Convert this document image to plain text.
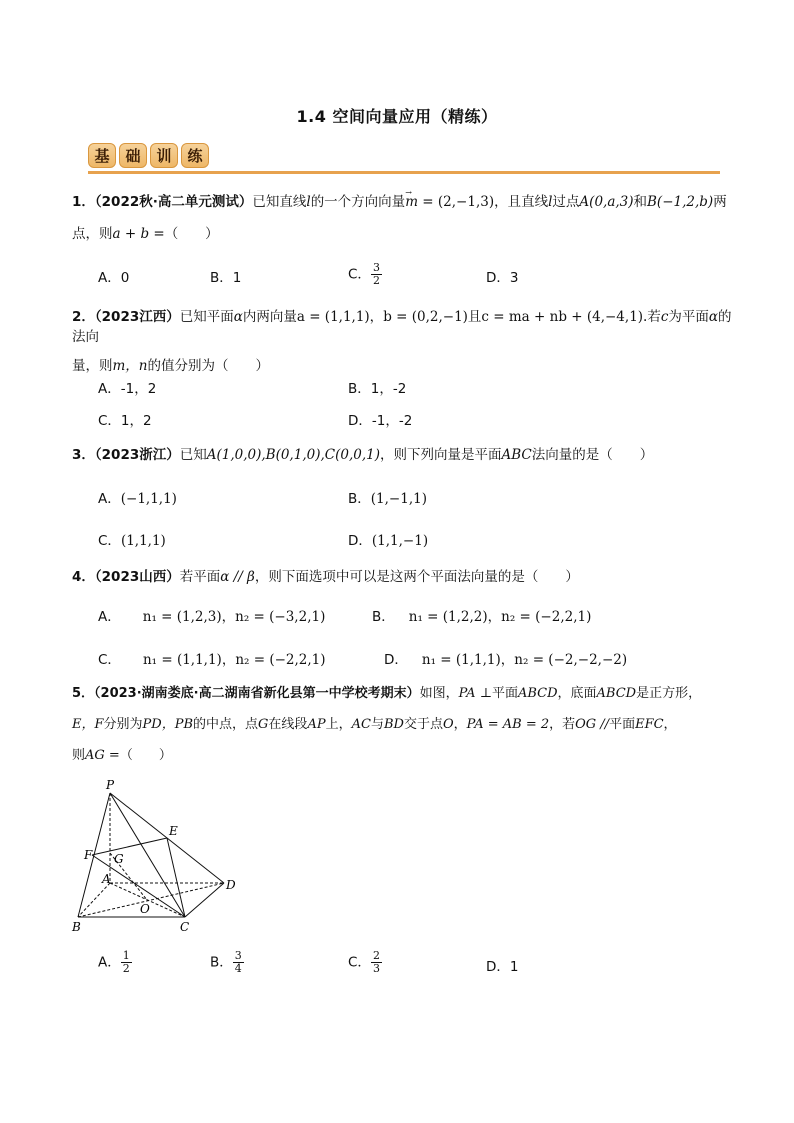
1.4 空间向量应用（精练）
基	础	训	练
1．（2022秋·高二单元测试）已知直线l的一个方向向量→ m = (2,−1,3)，且直线l过点A(0,a,3)和B(−1,2,b)两
点，则a + b =（　　）
A．0	B．1	C． $\frac{3}{2}$	D．3
2．（2023江西）已知平面α内两向量a = (1,1,1)，b = (0,2,−1)且c = ma + nb + (4,−4,1).若c为平面α的法向
量，则m，n的值分别为（　　）
A．-1，2	B．1，-2
C．1，2	D．-1，-2
3．（2023浙江）已知A(1,0,0),B(0,1,0),C(0,0,1)，则下列向量是平面ABC法向量的是（　　）
A．(−1,1,1)	B．(1,−1,1)
C．(1,1,1)	D．(1,1,−1)
4．（2023山西）若平面α // β，则下面选项中可以是这两个平面法向量的是（　　）
A． n₁ = (1,2,3)，n₂ = (−3,2,1)	B． n₁ = (1,2,2)，n₂ = (−2,2,1)
C． n₁ = (1,1,1)，n₂ = (−2,2,1)	D． n₁ = (1,1,1)，n₂ = (−2,−2,−2)
5．（2023·湖南娄底·高二湖南省新化县第一中学校考期末）如图，PA ⊥平面ABCD，底面ABCD是正方形，
E，F分别为PD，PB的中点，点G在线段AP上，AC与BD交于点O，PA = AB = 2，若OG //平面EFC，
则AG =（　　）
P
E
F G
A	D
O
B	C
A． $\frac{1}{2}$	B． $\frac{3}{4}$	C． $\frac{2}{3}$	D．1
